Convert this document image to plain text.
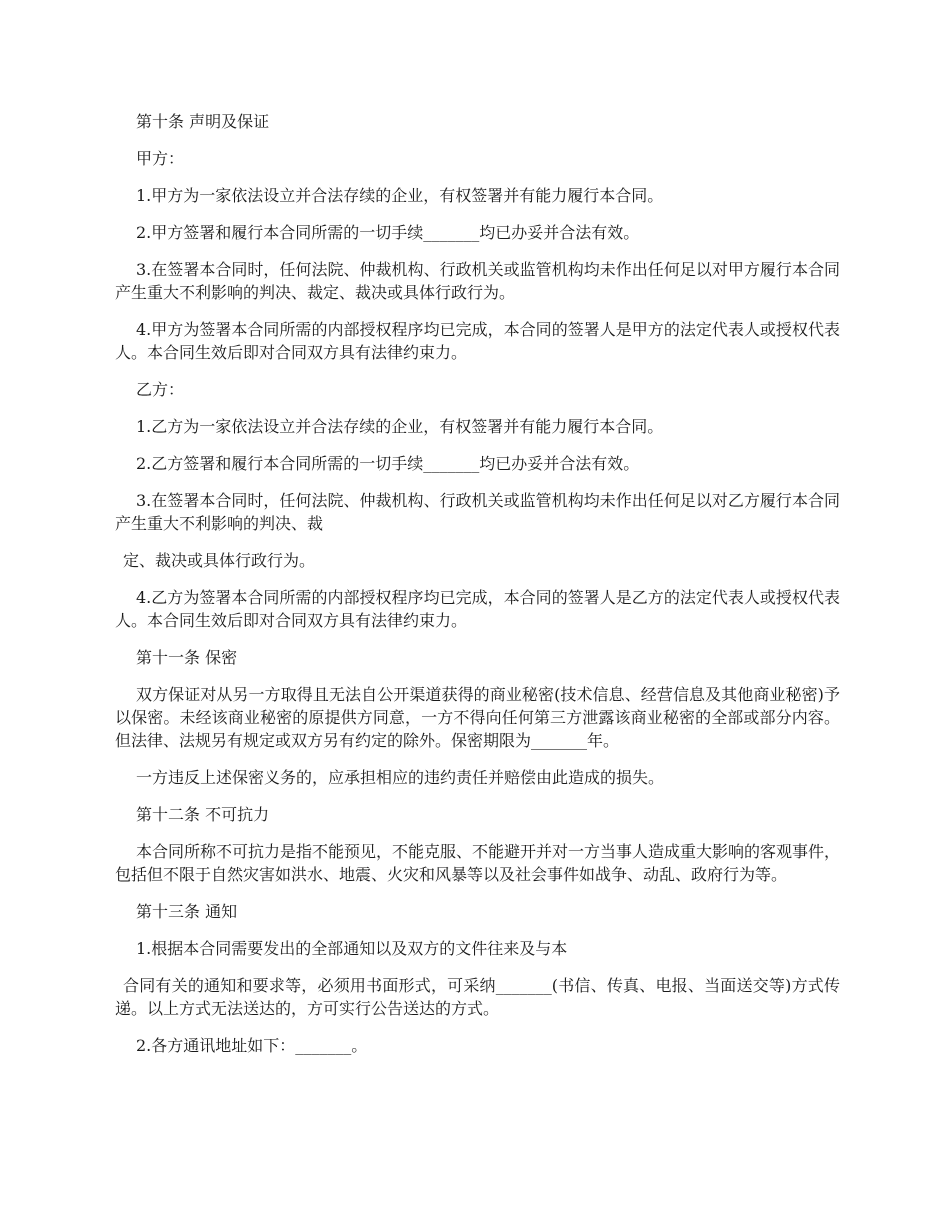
第十条 声明及保证

甲方：

1.甲方为一家依法设立并合法存续的企业，有权签署并有能力履行本合同。

2.甲方签署和履行本合同所需的一切手续_______均已办妥并合法有效。

3.在签署本合同时，任何法院、仲裁机构、行政机关或监管机构均未作出任何足以对甲方履行本合同产生重大不利影响的判决、裁定、裁决或具体行政行为。

4.甲方为签署本合同所需的内部授权程序均已完成，本合同的签署人是甲方的法定代表人或授权代表人。本合同生效后即对合同双方具有法律约束力。

乙方：

1.乙方为一家依法设立并合法存续的企业，有权签署并有能力履行本合同。

2.乙方签署和履行本合同所需的一切手续_______均已办妥并合法有效。

3.在签署本合同时，任何法院、仲裁机构、行政机关或监管机构均未作出任何足以对乙方履行本合同产生重大不利影响的判决、裁

定、裁决或具体行政行为。

4.乙方为签署本合同所需的内部授权程序均已完成，本合同的签署人是乙方的法定代表人或授权代表人。本合同生效后即对合同双方具有法律约束力。

第十一条 保密

双方保证对从另一方取得且无法自公开渠道获得的商业秘密(技术信息、经营信息及其他商业秘密)予以保密。未经该商业秘密的原提供方同意，一方不得向任何第三方泄露该商业秘密的全部或部分内容。但法律、法规另有规定或双方另有约定的除外。保密期限为_______年。

一方违反上述保密义务的，应承担相应的违约责任并赔偿由此造成的损失。

第十二条 不可抗力

本合同所称不可抗力是指不能预见，不能克服、不能避开并对一方当事人造成重大影响的客观事件，包括但不限于自然灾害如洪水、地震、火灾和风暴等以及社会事件如战争、动乱、政府行为等。

第十三条 通知

1.根据本合同需要发出的全部通知以及双方的文件往来及与本

合同有关的通知和要求等，必须用书面形式，可采纳_______(书信、传真、电报、当面送交等)方式传递。以上方式无法送达的，方可实行公告送达的方式。

2.各方通讯地址如下：_______。
